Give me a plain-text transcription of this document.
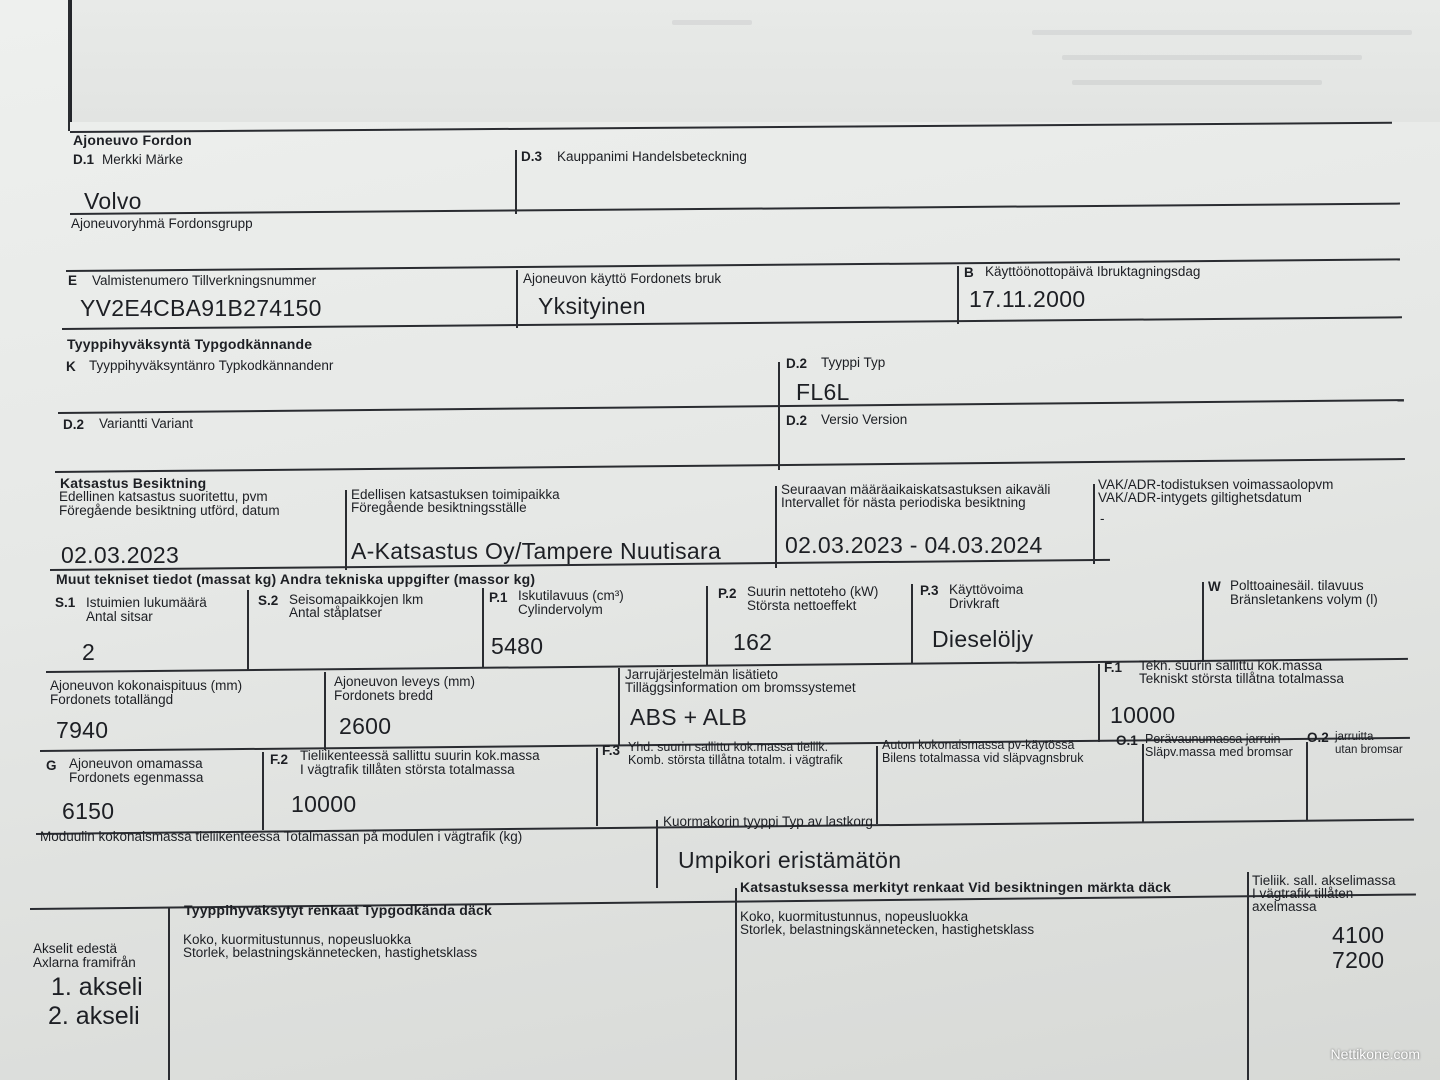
Ajoneuvo Fordon
D.1 Merkki Märke
Volvo
D.3 Kauppanimi Handelsbeteckning
Ajoneuvoryhmä Fordonsgrupp
E Valmistenumero Tillverkningsnummer
YV2E4CBA91B274150
Ajoneuvon käyttö Fordonets bruk
Yksityinen
B Käyttöönottopäivä Ibruktagningsdag
17.11.2000
Tyyppihyväksyntä Typgodkännande
K Tyyppihyväksyntänro Typkodkännandenr	D.2 Tyyppi Typ
FL6L
D.2 Variantti Variant	D.2 Versio Version
Katsastus Besiktning
Edellinen katsastus suoritettu, pvm
Föregående besiktning utförd, datum
02.03.2023
Edellisen katsastuksen toimipaikka
Föregående besiktningsställe
A-Katsastus Oy/Tampere Nuutisara
Seuraavan määräaikaiskatsastuksen aikaväli
Intervallet för nästa periodiska besiktning
02.03.2023 - 04.03.2024
VAK/ADR-todistuksen voimassaolopvm
VAK/ADR-intygets giltighetsdatum
-
Muut tekniset tiedot (massat kg) Andra tekniska uppgifter (massor kg)
S.1 Istuimien lukumäärä
Antal sitsar
2
S.2 Seisomapaikkojen lkm
Antal ståplatser
P.1 Iskutilavuus (cm³)
Cylindervolym
5480
P.2 Suurin nettoteho (kW)
Största nettoeffekt
162
P.3 Käyttövoima
Drivkraft
Dieselöljy
W Polttoainesäil. tilavuus
Bränsletankens volym (l)
Ajoneuvon kokonaispituus (mm)
Fordonets totallängd
7940
Ajoneuvon leveys (mm)
Fordonets bredd
2600
Jarrujärjestelmän lisätieto
Tilläggsinformation om bromssystemet
ABS + ALB
F.1 Tekn. suurin sallittu kok.massa
Tekniskt största tillåtna totalmassa
10000
G Ajoneuvon omamassa
Fordonets egenmassa
6150
F.2 Tieliikenteessä sallittu suurin kok.massa
I vägtrafik tillåten största totalmassa
10000
F.3 Yhd. suurin sallittu kok.massa tieliik.
Komb. största tillåtna totalm. i vägtrafik
Auton kokonaismassa pv-käytössä
Bilens totalmassa vid släpvagnsbruk
O.1 Perävaunumassa jarruin
Släpv.massa med bromsar
O.2 jarruitta
utan bromsar
Moduulin kokonaismassa tieliikenteessä Totalmassan på modulen i vägtrafik (kg)
Kuormakorin tyyppi Typ av lastkorg
Umpikori eristämätön
Akselit edestä
Axlarna framifrån
1. akseli
2. akseli
Tyyppihyväksytyt renkaat Typgodkända däck
Koko, kuormitustunnus, nopeusluokka
Storlek, belastningskännetecken, hastighetsklass
Katsastuksessa merkityt renkaat Vid besiktningen märkta däck
Koko, kuormitustunnus, nopeusluokka
Storlek, belastningskännetecken, hastighetsklass
Tieliik. sall. akselimassa
I vägtrafik tillåten
axelmassa
4100
7200
Nettikone.com
